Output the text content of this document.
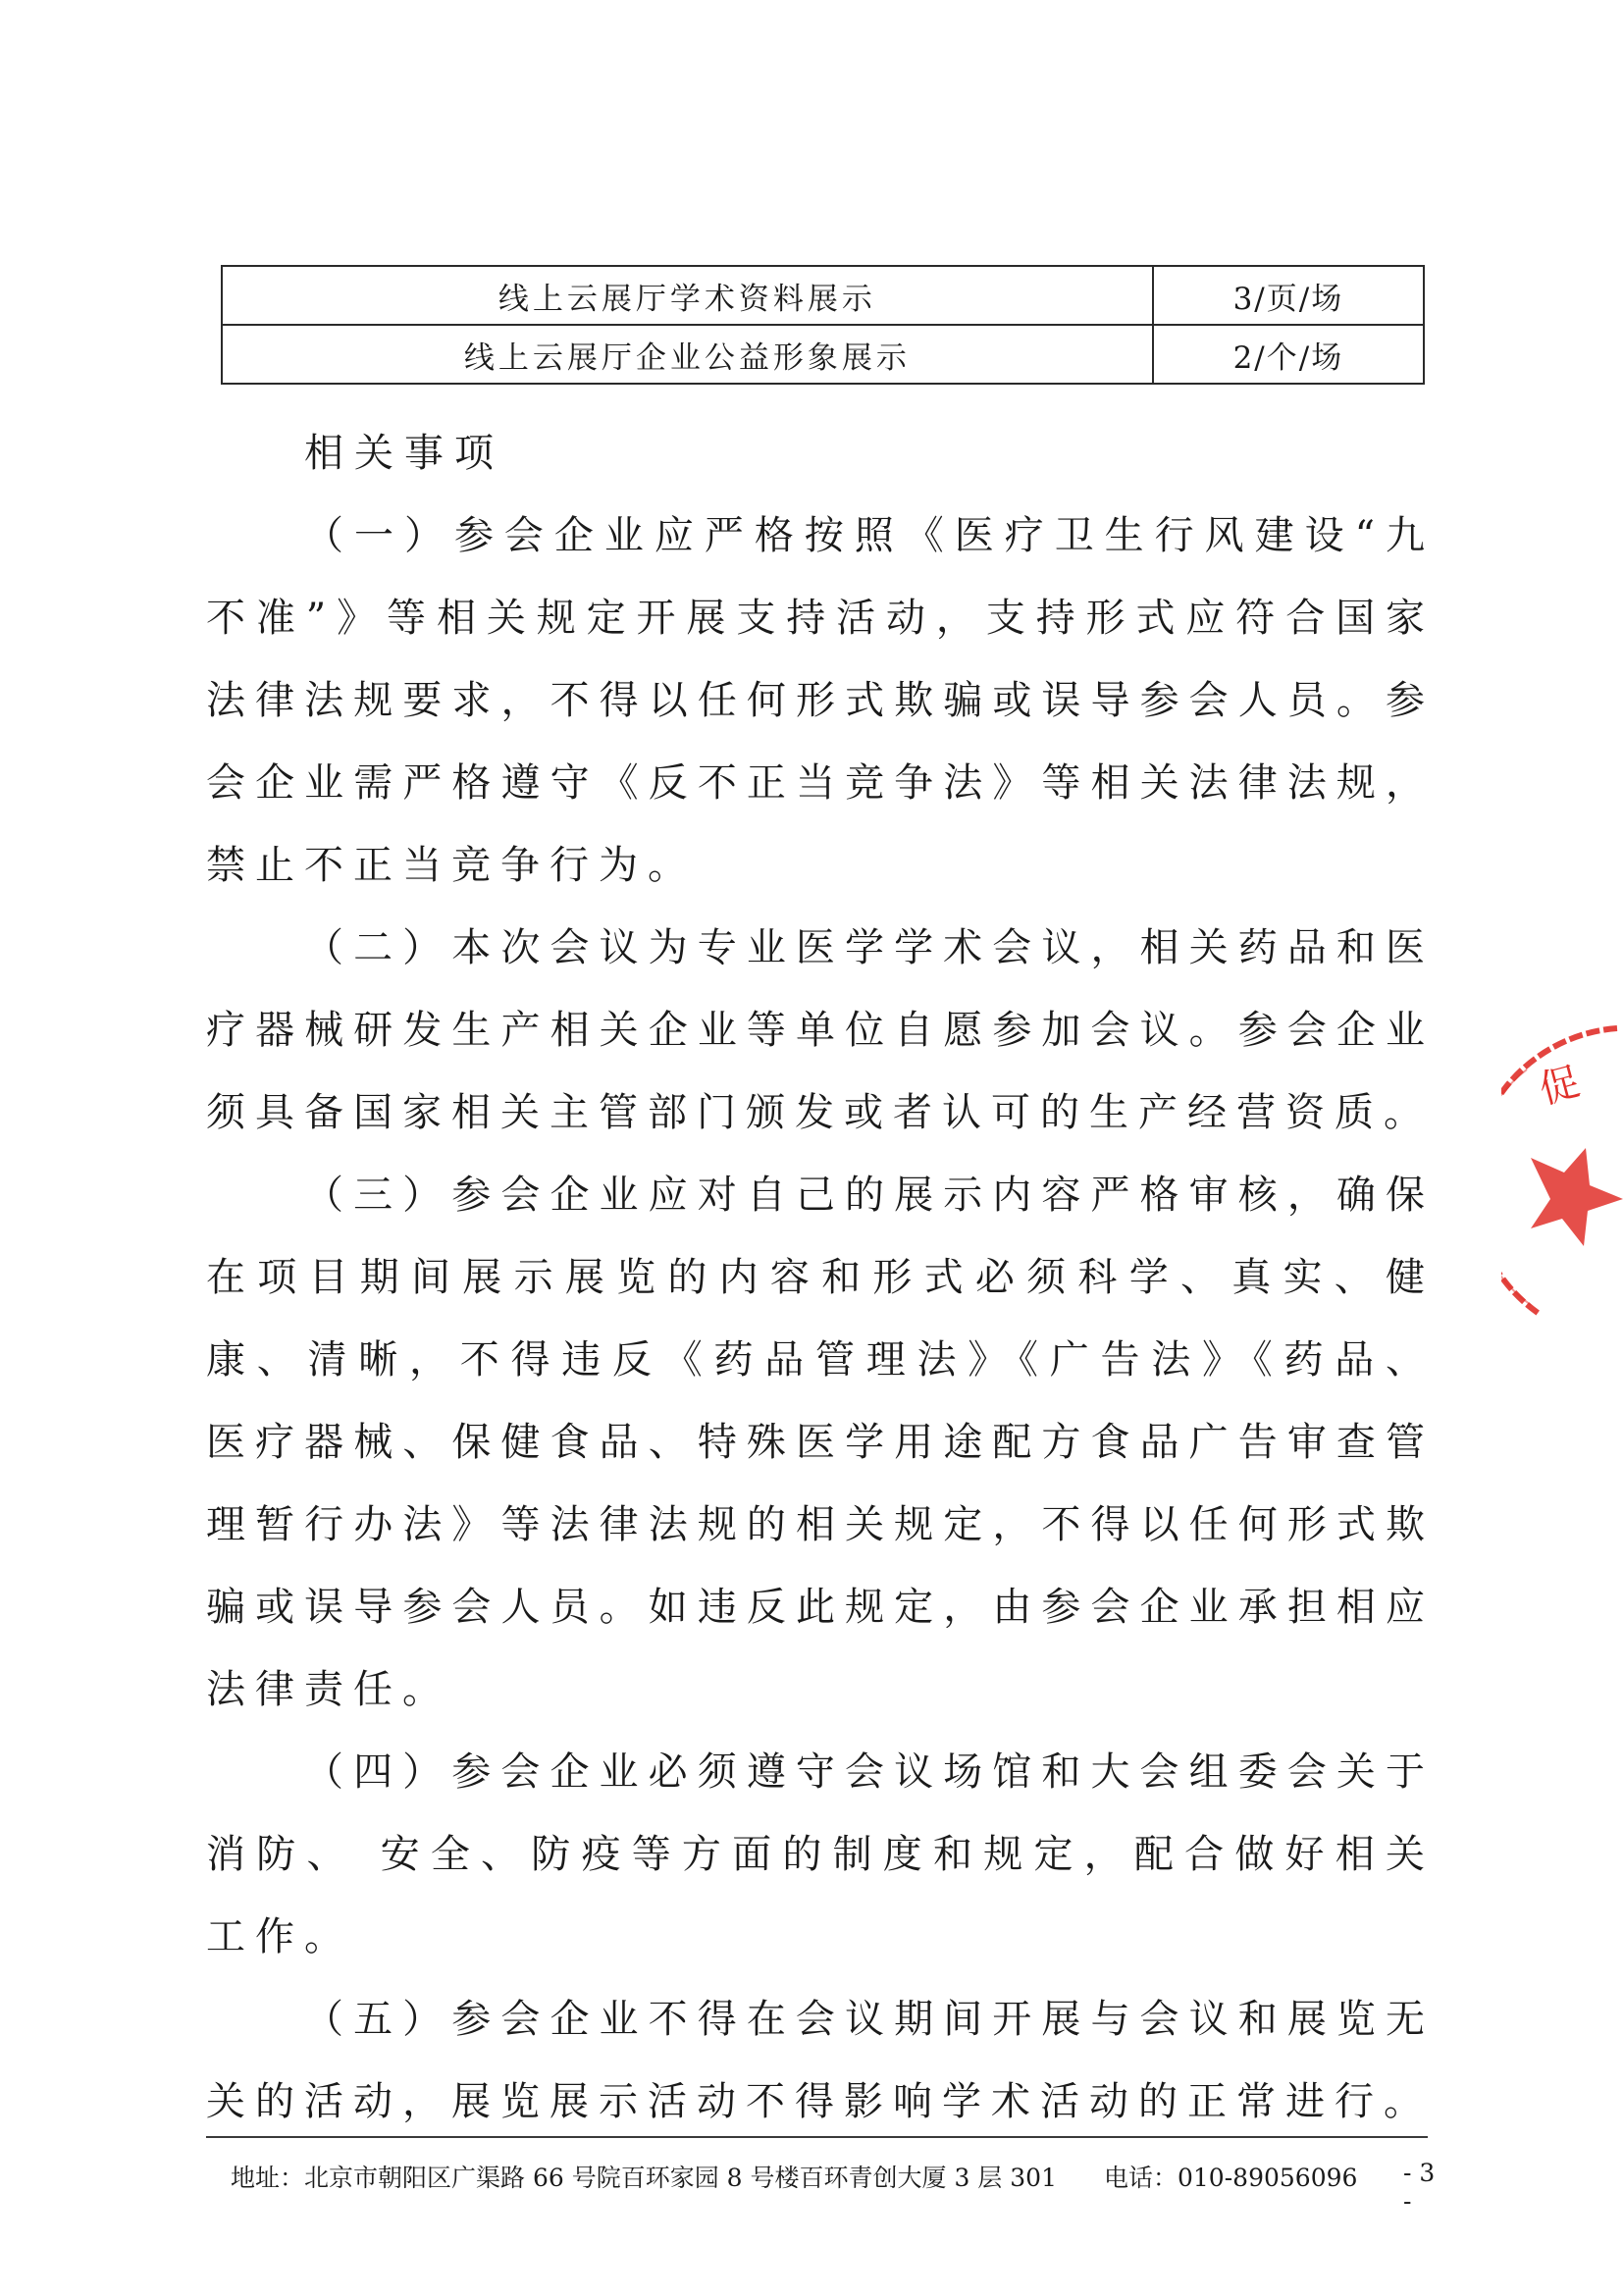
线上云展厅学术资料展示	3/页/场
线上云展厅企业公益形象展示	2/个/场

相关事项

（一）参会企业应严格按照《医疗卫生行风建设“九不准”》等相关规定开展支持活动，支持形式应符合国家法律法规要求，不得以任何形式欺骗或误导参会人员。参会企业需严格遵守《反不正当竞争法》等相关法律法规，禁止不正当竞争行为。

（二）本次会议为专业医学学术会议，相关药品和医疗器械研发生产相关企业等单位自愿参加会议。参会企业须具备国家相关主管部门颁发或者认可的生产经营资质。

（三）参会企业应对自己的展示内容严格审核，确保在项目期间展示展览的内容和形式必须科学、真实、健康、清晰，不得违反《药品管理法》《广告法》《药品、医疗器械、保健食品、特殊医学用途配方食品广告审查管理暂行办法》等法律法规的相关规定，不得以任何形式欺骗或误导参会人员。如违反此规定，由参会企业承担相应法律责任。

（四）参会企业必须遵守会议场馆和大会组委会关于消防、 安全、防疫等方面的制度和规定，配合做好相关工作。

（五）参会企业不得在会议期间开展与会议和展览无关的活动，展览展示活动不得影响学术活动的正常进行。

促
地址：北京市朝阳区广渠路 66 号院百环家园 8 号楼百环青创大厦 3 层 301 电话：010-89056096 - 3 -
